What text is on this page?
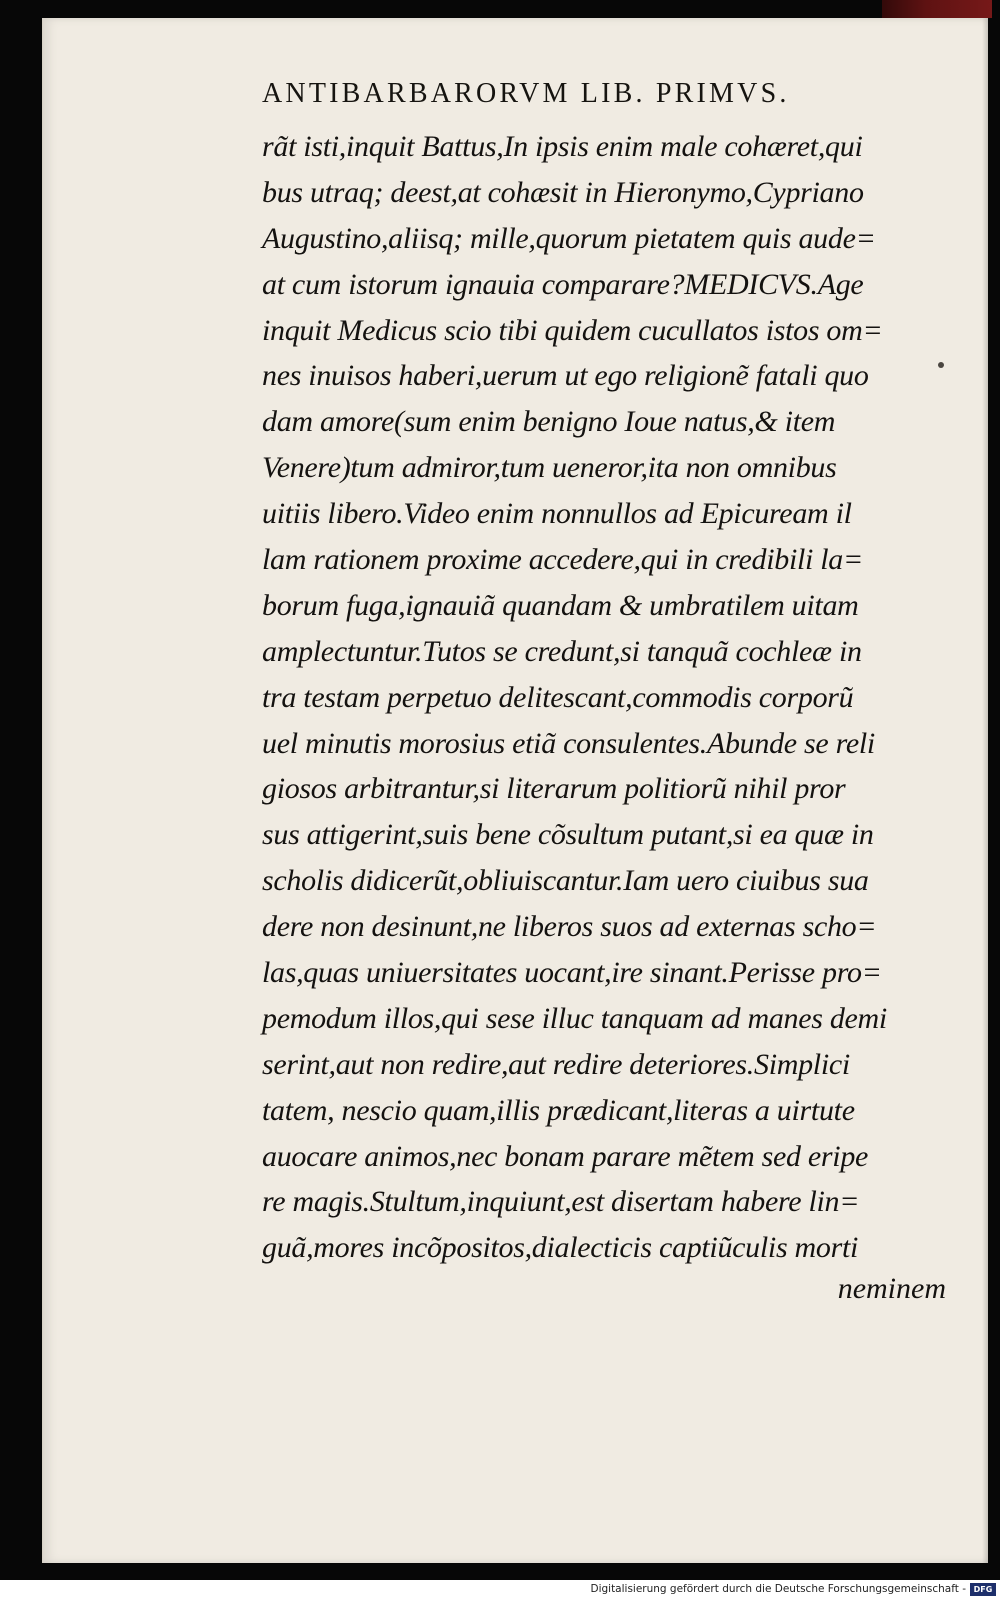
ANTIBARBARORVM LIB. PRIMVS.
rãt isti,inquit Battus,In ipsis enim male cohæret,qui
bus utraq; deest,at cohæsit in Hieronymo,Cypriano
Augustino,aliisq; mille,quorum pietatem quis aude=
at cum istorum ignauia comparare?MEDICVS.Age
inquit Medicus scio tibi quidem cucullatos istos om=
nes inuisos haberi,uerum ut ego religionẽ fatali quo
dam amore(sum enim benigno Ioue natus,& item
Venere)tum admiror,tum ueneror,ita non omnibus
uitiis libero.Video enim nonnullos ad Epicuream il
lam rationem proxime accedere,qui in credibili la=
borum fuga,ignauiã quandam & umbratilem uitam
amplectuntur.Tutos se credunt,si tanquã cochleæ in
tra testam perpetuo delitescant,commodis corporũ
uel minutis morosius etiã consulentes.Abunde se reli
giosos arbitrantur,si literarum politiorũ nihil pror
sus attigerint,suis bene cõsultum putant,si ea quæ in
scholis didicerũt,obliuiscantur.Iam uero ciuibus sua
dere non desinunt,ne liberos suos ad externas scho=
las,quas uniuersitates uocant,ire sinant.Perisse pro=
pemodum illos,qui sese illuc tanquam ad manes demi
serint,aut non redire,aut redire deteriores.Simplici
tatem, nescio quam,illis prædicant,literas a uirtute
auocare animos,nec bonam parare mẽtem sed eripe
re magis.Stultum,inquiunt,est disertam habere lin=
guã,mores incõpositos,dialecticis captiũculis morti
neminem
Digitalisierung gefördert durch die Deutsche Forschungsgemeinschaft - DFG
